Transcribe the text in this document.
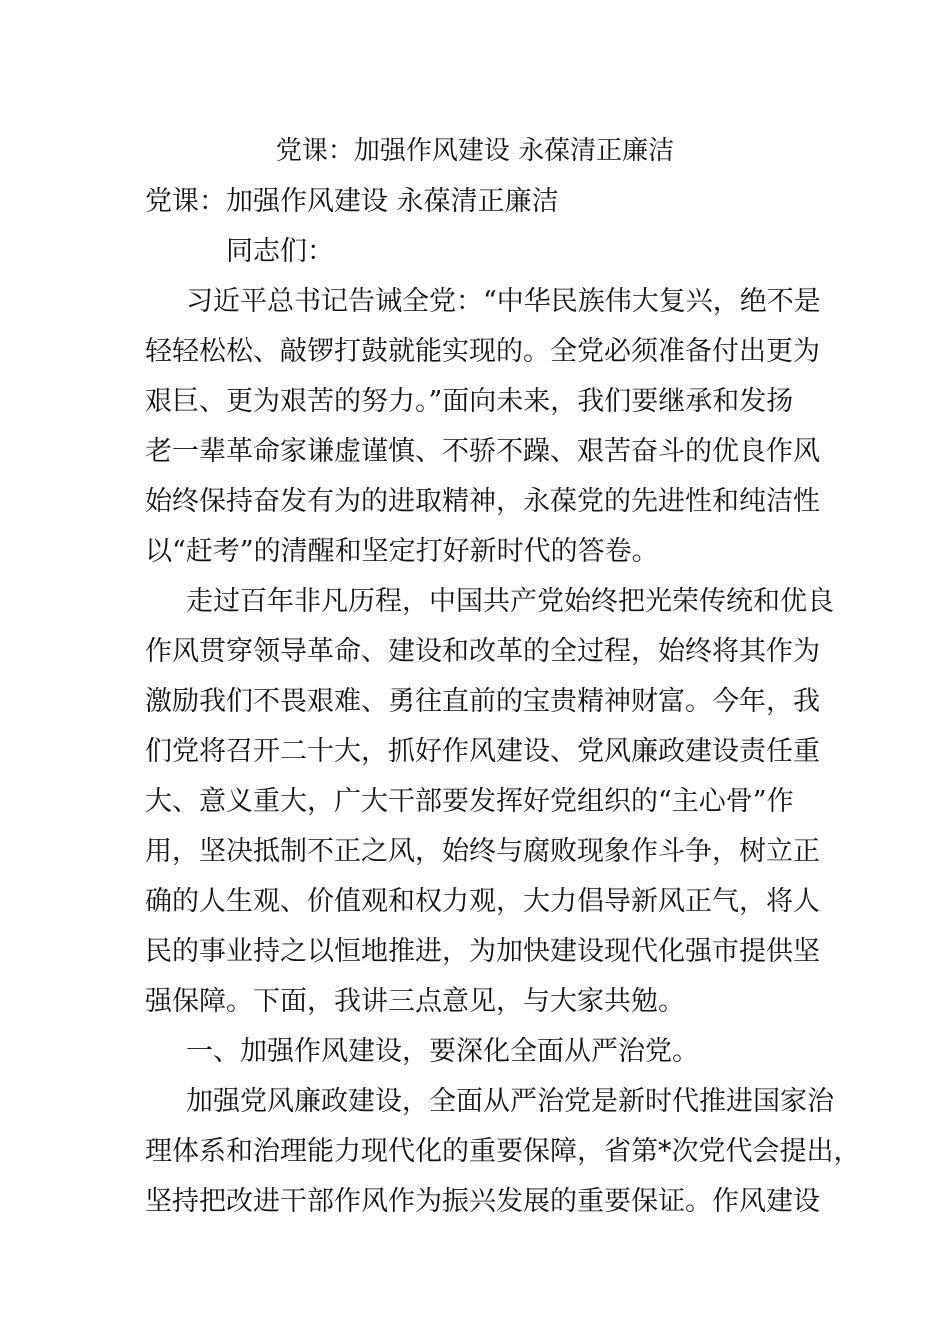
党课：加强作风建设 永葆清正廉洁

党课：加强作风建设 永葆清正廉洁

同志们：

习近平总书记告诫全党：“中华民族伟大复兴，绝不是

轻轻松松、敲锣打鼓就能实现的。全党必须准备付出更为

艰巨、更为艰苦的努力。”面向未来，我们要继承和发扬

老一辈革命家谦虚谨慎、不骄不躁、艰苦奋斗的优良作风

始终保持奋发有为的进取精神，永葆党的先进性和纯洁性

以“赶考”的清醒和坚定打好新时代的答卷。

走过百年非凡历程，中国共产党始终把光荣传统和优良

作风贯穿领导革命、建设和改革的全过程，始终将其作为

激励我们不畏艰难、勇往直前的宝贵精神财富。今年，我

们党将召开二十大，抓好作风建设、党风廉政建设责任重

大、意义重大，广大干部要发挥好党组织的“主心骨”作

用，坚决抵制不正之风，始终与腐败现象作斗争，树立正

确的人生观、价值观和权力观，大力倡导新风正气，将人

民的事业持之以恒地推进，为加快建设现代化强市提供坚

强保障。下面，我讲三点意见，与大家共勉。

一、加强作风建设，要深化全面从严治党。

加强党风廉政建设，全面从严治党是新时代推进国家治

理体系和治理能力现代化的重要保障，省第*次党代会提出，

坚持把改进干部作风作为振兴发展的重要保证。作风建设
